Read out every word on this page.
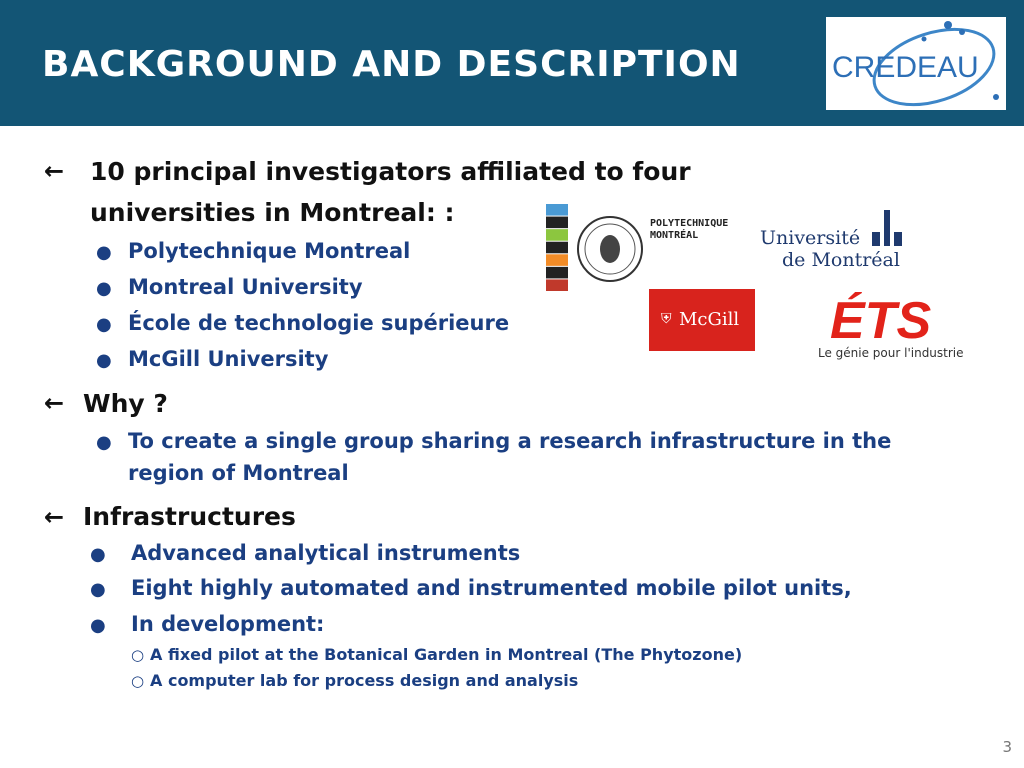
BACKGROUND AND DESCRIPTION	CREDEAU
← 10 principal investigators affiliated to four
universities in Montreal: :
● Polytechnique Montreal
● Montreal University
● École de technologie supérieure
● McGill University
← Why ?
● To create a single group sharing a research infrastructure in the
region of Montreal
← Infrastructures
● Advanced analytical instruments
● Eight highly automated and instrumented mobile pilot units,
● In development:
○ A fixed pilot at the Botanical Garden in Montreal (The Phytozone)
○ A computer lab for process design and analysis
POLYTECHNIQUE
MONTRÉAL	Université
de Montréal
⛨ McGill ÉTS
Le génie pour l'industrie
3
